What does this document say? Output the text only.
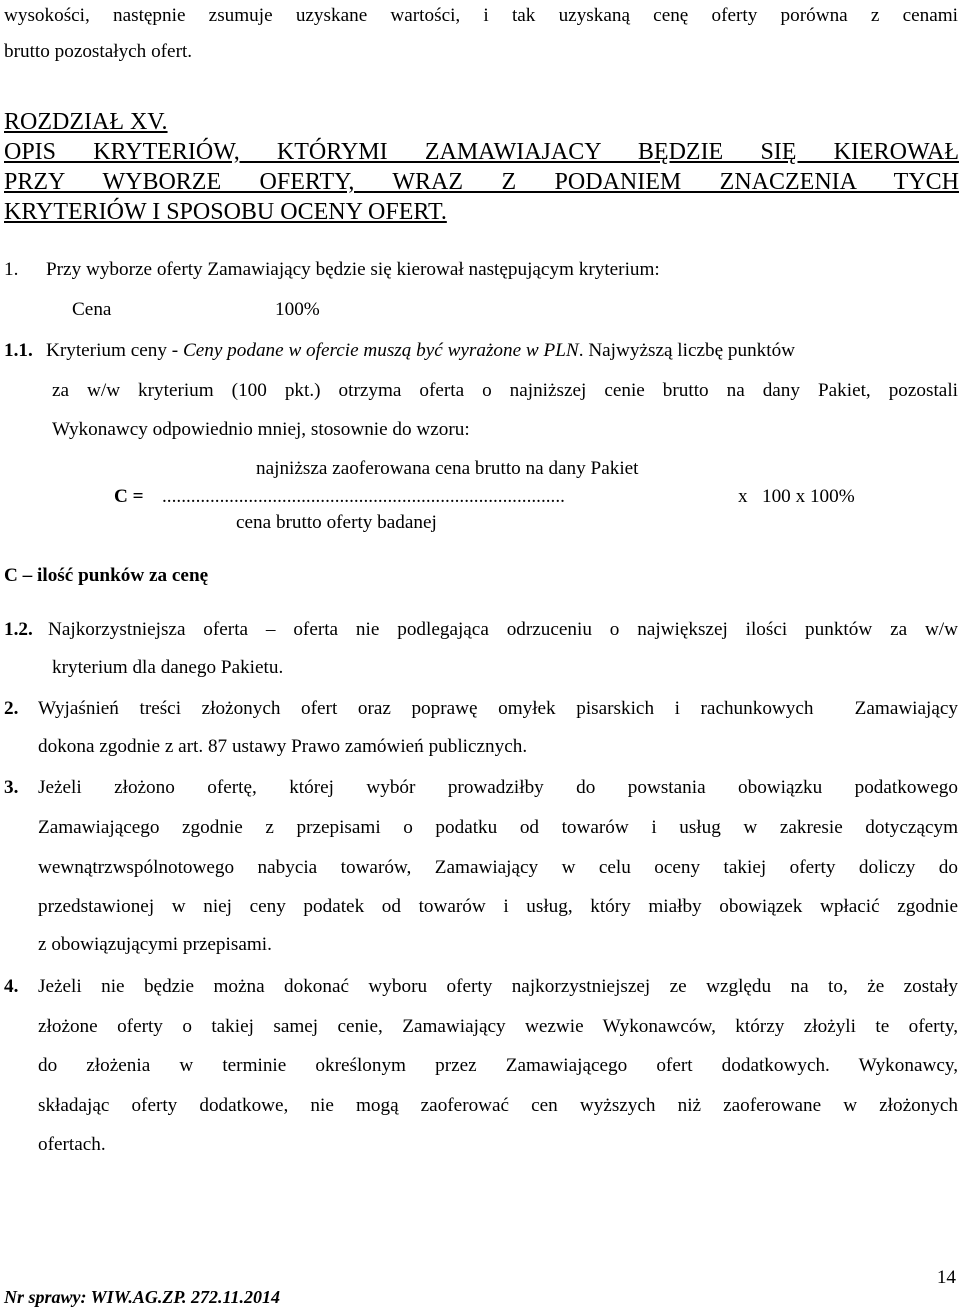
wysokości, następnie zsumuje uzyskane wartości, i tak uzyskaną cenę oferty porówna z cenami
brutto pozostałych ofert.
ROZDZIAŁ XV.
OPIS KRYTERIÓW, KTÓRYMI ZAMAWIAJACY BĘDZIE SIĘ KIEROWAŁ
PRZY WYBORZE OFERTY, WRAZ Z PODANIEM ZNACZENIA TYCH
KRYTERIÓW I SPOSOBU OCENY OFERT.
1. Przy wyborze oferty Zamawiający będzie się kierował następującym kryterium:
Cena	100%
1.1. Kryterium ceny - Ceny podane w ofercie muszą być wyrażone w PLN. Najwyższą liczbę punktów
za w/w kryterium (100 pkt.) otrzyma oferta o najniższej cenie brutto na dany Pakiet, pozostali
Wykonawcy odpowiednio mniej, stosownie do wzoru:
najniższa zaoferowana cena brutto na dany Pakiet
C = ....................................................................................	x   100 x 100%
cena brutto oferty badanej
C – ilość punków za cenę
1.2. Najkorzystniejsza oferta – oferta nie podlegająca odrzuceniu o największej ilości punktów za w/w
kryterium dla danego Pakietu.
2. Wyjaśnień treści złożonych ofert oraz poprawę omyłek pisarskich i rachunkowych  Zamawiający
dokona zgodnie z art. 87 ustawy Prawo zamówień publicznych.
3. Jeżeli złożono ofertę, której wybór prowadziłby do powstania obowiązku podatkowego
Zamawiającego zgodnie z przepisami o podatku od towarów i usług w zakresie dotyczącym
wewnątrzwspólnotowego nabycia towarów, Zamawiający w celu oceny takiej oferty doliczy do
przedstawionej w niej ceny podatek od towarów i usług, który miałby obowiązek wpłacić zgodnie
z obowiązującymi przepisami.
4. Jeżeli nie będzie można dokonać wyboru oferty najkorzystniejszej ze względu na to, że zostały
złożone oferty o takiej samej cenie, Zamawiający wezwie Wykonawców, którzy złożyli te oferty,
do złożenia w terminie określonym przez Zamawiającego ofert dodatkowych. Wykonawcy,
składając oferty dodatkowe, nie mogą zaoferować cen wyższych niż zaoferowane w złożonych
ofertach.
14
Nr sprawy: WIW.AG.ZP. 272.11.2014
